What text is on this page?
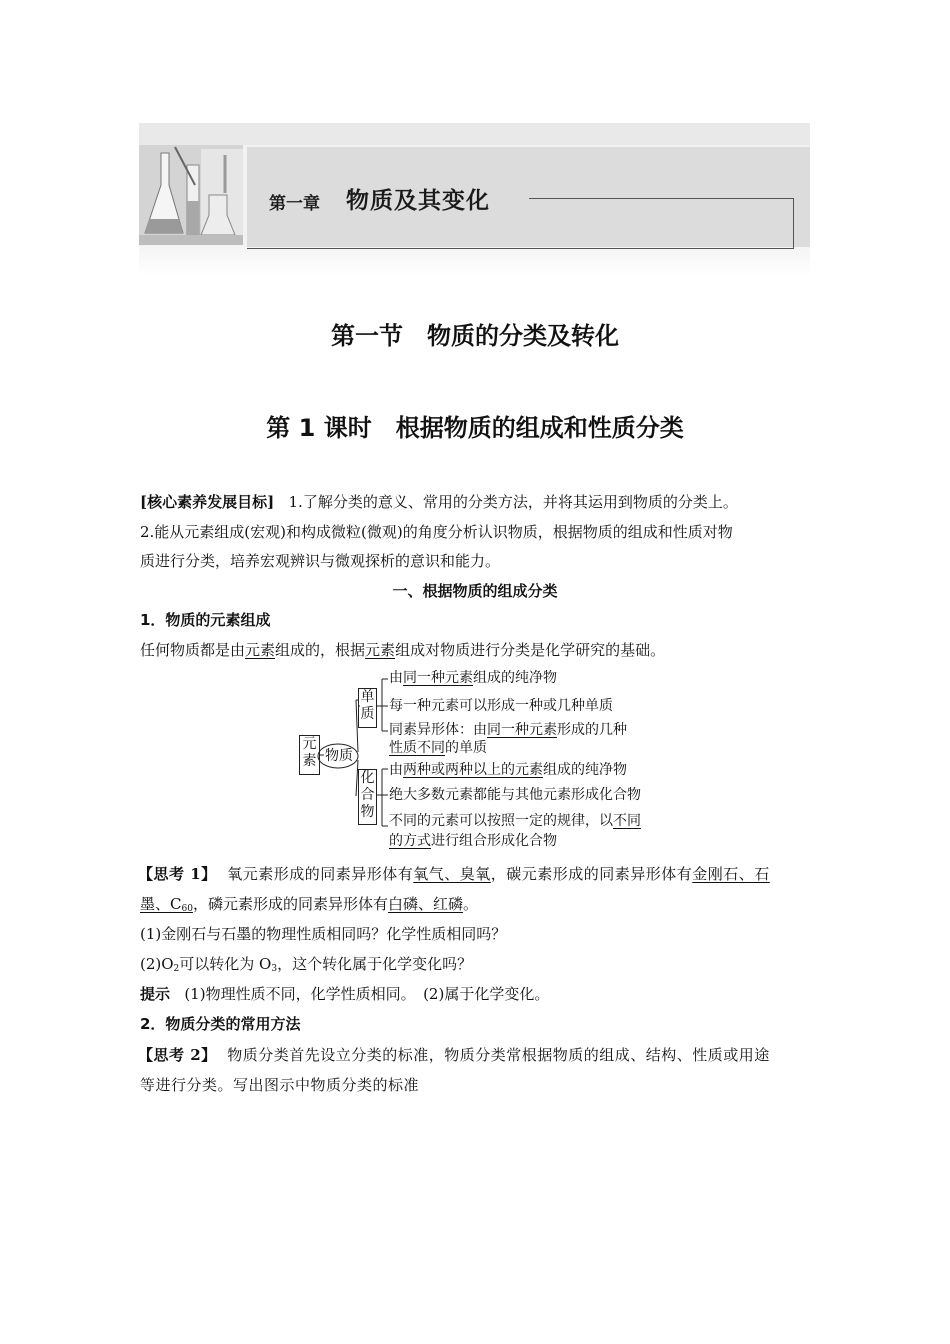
第一章 物质及其变化
第一节　物质的分类及转化
第 1 课时　根据物质的组成和性质分类
[核心素养发展目标] 1.了解分类的意义、常用的分类方法，并将其运用到物质的分类上。
2.能从元素组成(宏观)和构成微粒(微观)的角度分析认识物质，根据物质的组成和性质对物
质进行分类，培养宏观辨识与微观探析的意识和能力。
一、根据物质的组成分类
1．物质的元素组成
任何物质都是由元素组成的，根据元素组成对物质进行分类是化学研究的基础。
元素 物质
单质
化合物
由同一种元素组成的纯净物
每一种元素可以形成一种或几种单质
同素异形体：由同一种元素形成的几种
性质不同的单质
由两种或两种以上的元素组成的纯净物
绝大多数元素都能与其他元素形成化合物
不同的元素可以按照一定的规律，以不同
的方式进行组合形成化合物
【思考 1】 氧元素形成的同素异形体有氧气、臭氧，碳元素形成的同素异形体有金刚石、石
墨、$C_{60}$，磷元素形成的同素异形体有白磷、红磷。
(1)金刚石与石墨的物理性质相同吗？化学性质相同吗？
$(2)O_2$可以转化为 $O_3$，这个转化属于化学变化吗？
提示 (1)物理性质不同，化学性质相同。　(2)属于化学变化。
2．物质分类的常用方法
【思考 2】 物质分类首先设立分类的标准，物质分类常根据物质的组成、结构、性质或用途
等进行分类。写出图示中物质分类的标准
